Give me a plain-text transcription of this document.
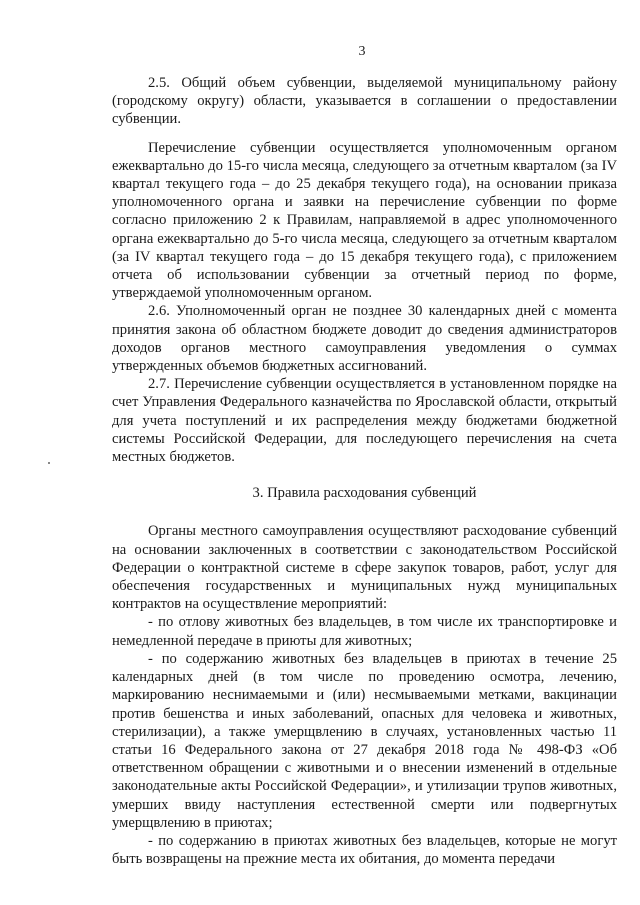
3

2.5. Общий объем субвенции, выделяемой муниципальному району (городскому округу) области, указывается в соглашении о предоставлении субвенции.

Перечисление субвенции осуществляется уполномоченным органом ежеквартально до 15-го числа месяца, следующего за отчетным кварталом (за IV квартал текущего года – до 25 декабря текущего года), на основании приказа уполномоченного органа и заявки на перечисление субвенции по форме согласно приложению 2 к Правилам, направляемой в адрес уполномоченного органа ежеквартально до 5-го числа месяца, следующего за отчетным кварталом (за IV квартал текущего года – до 15 декабря текущего года), с приложением отчета об использовании субвенции за отчетный период по форме, утверждаемой уполномоченным органом.

2.6. Уполномоченный орган не позднее 30 календарных дней с момента принятия закона об областном бюджете доводит до сведения администраторов доходов органов местного самоуправления уведомления о суммах утвержденных объемов бюджетных ассигнований.

2.7. Перечисление субвенции осуществляется в установленном порядке на счет Управления Федерального казначейства по Ярославской области, открытый для учета поступлений и их распределения между бюджетами бюджетной системы Российской Федерации, для последующего перечисления на счета местных бюджетов.

3. Правила расходования субвенций

Органы местного самоуправления осуществляют расходование субвенций на основании заключенных в соответствии с законодательством Российской Федерации о контрактной системе в сфере закупок товаров, работ, услуг для обеспечения государственных и муниципальных нужд муниципальных контрактов на осуществление мероприятий:

- по отлову животных без владельцев, в том числе их транспортировке и немедленной передаче в приюты для животных;

- по содержанию животных без владельцев в приютах в течение 25 календарных дней (в том числе по проведению осмотра, лечению, маркированию неснимаемыми и (или) несмываемыми метками, вакцинации против бешенства и иных заболеваний, опасных для человека и животных, стерилизации), а также умерщвлению в случаях, установленных частью 11 статьи 16 Федерального закона от 27 декабря 2018 года № 498-ФЗ «Об ответственном обращении с животными и о внесении изменений в отдельные законодательные акты Российской Федерации», и утилизации трупов животных, умерших ввиду наступления естественной смерти или подвергнутых умерщвлению в приютах;

- по содержанию в приютах животных без владельцев, которые не могут быть возвращены на прежние места их обитания, до момента передачи
